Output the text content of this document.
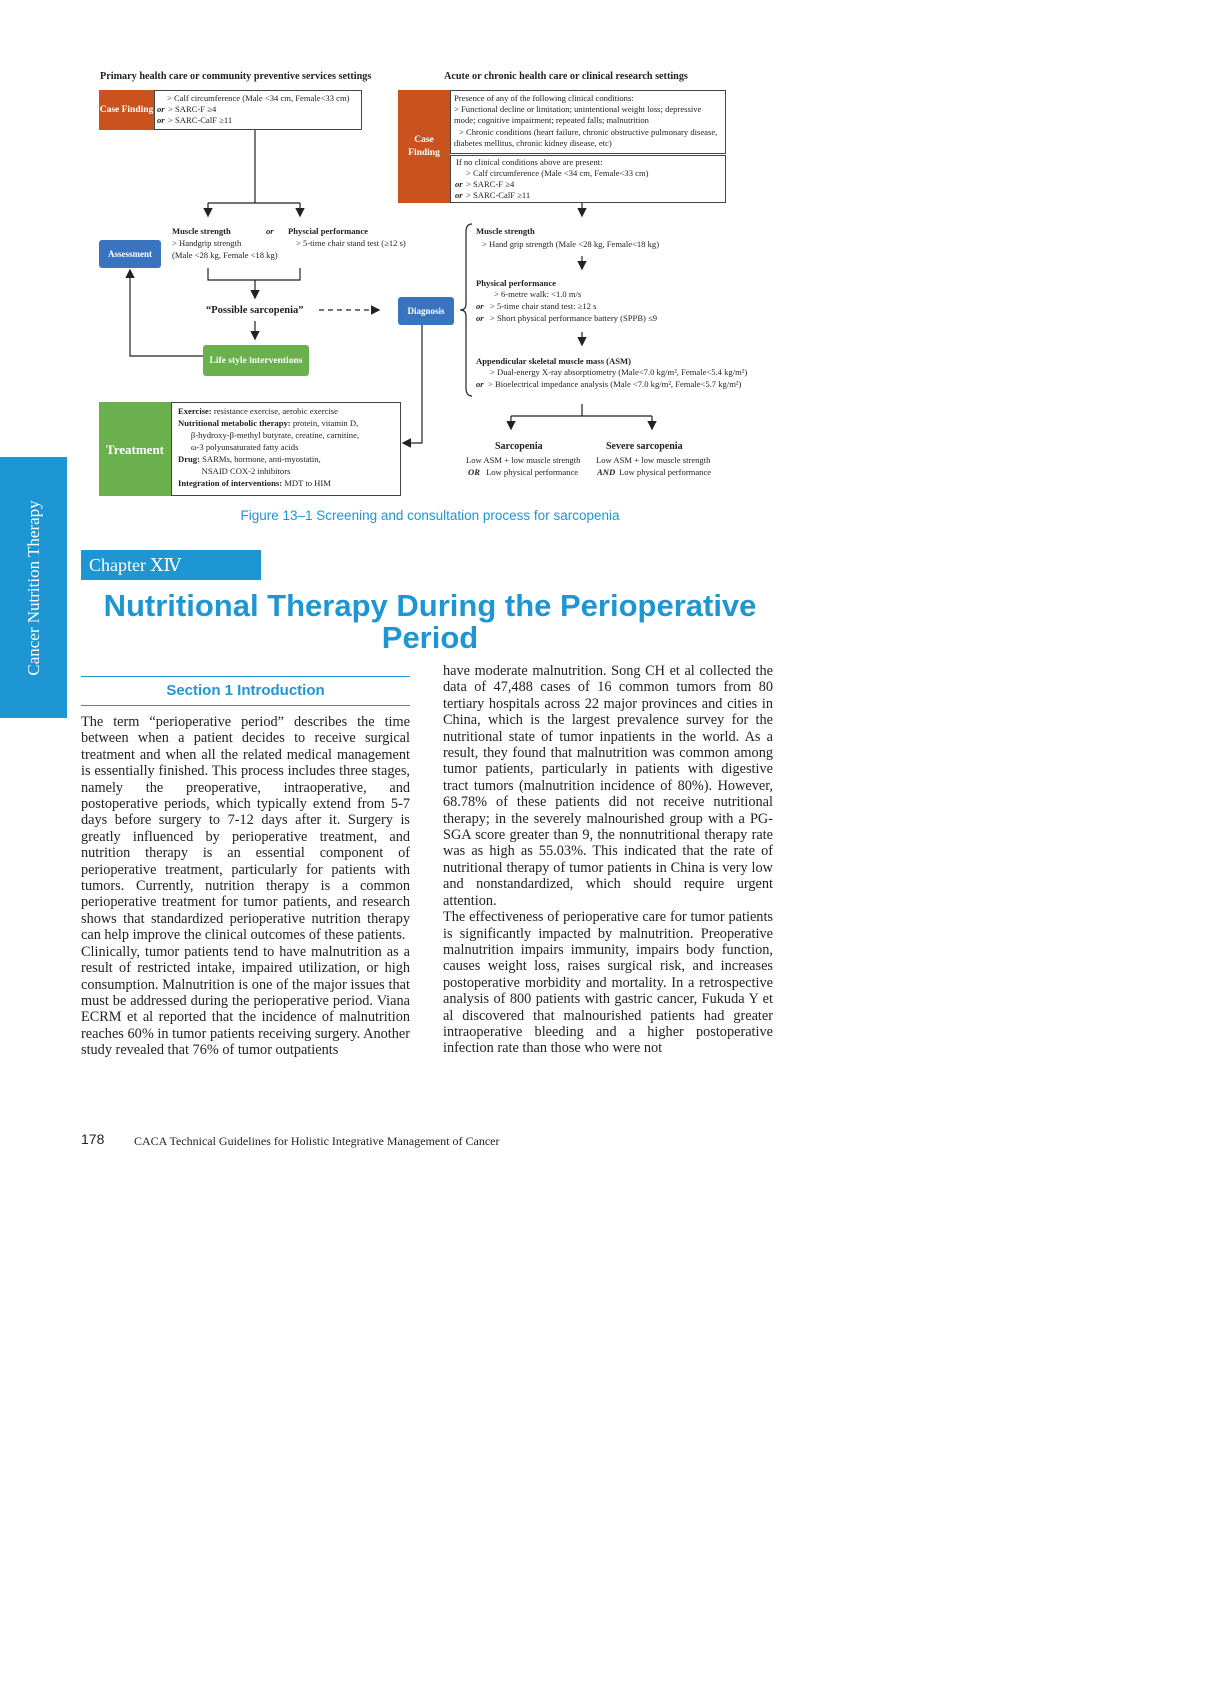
Primary health care or community preventive services settings	Acute or chronic health care or clinical research settings
Case Finding
> Calf circumference (Male <34 cm, Female<33 cm)
or > SARC-F ≥4
or > SARC-CalF ≥11
Case Finding
Presence of any of the following clinical conditions:
> Functional decline or limitation; unintentional weight loss; depressive
mode; cognitive impairment; repeated falls; malnutrition
> Chronic conditions (heart failure, chronic obstructive pulmonary disease,
diabetes mellitus, chronic kidney disease, etc)
If no clinical conditions above are present:
> Calf circumference (Male <34 cm, Female<33 cm)
or > SARC-F ≥4
or > SARC-CalF ≥11
Assessment
Muscle strength	or Physcial performance
> Handgrip strength
(Male <28 kg, Female <18 kg)
> 5-time chair stand test (≥12 s)
“Possible sarcopenia”
Life style interventions
Diagnosis
Muscle strength
> Hand grip strength (Male <28 kg, Female<18 kg)
Physical performance
> 6-metre walk: <1.0 m/s
or > 5-time chair stand test: ≥12 s
or > Short physical performance battery (SPPB) ≤9
Appendicular skeletal muscle mass (ASM)
> Dual-energy X-ray absorptiometry (Male<7.0 kg/m², Female<5.4 kg/m²)
or > Bioelectrical impedance analysis (Male <7.0 kg/m², Female<5.7 kg/m²)
Sarcopenia
Low ASM + low muscle strength
OR Low physical performance
Severe sarcopenia
Low ASM + low muscle strength
AND Low physical performance
Treatment
Exercise: resistance exercise, aerobic exercise
Nutritional metabolic therapy: protein, vitamin D,
β-hydroxy-β-methyl butyrate, creatine, carnitine,
ω-3 polyunsaturated fatty acids
Drug: SARMs, hormone, anti-myostatin,
NSAID COX-2 inhibitors
Integration of interventions: MDT to HIM
Figure 13–1 Screening and consultation process for sarcopenia
Cancer Nutrition Therapy	Chapter ⅩⅣ
Nutritional Therapy During the Perioperative
Period
Section 1 Introduction

The term “perioperative period” describes the time between when a patient decides to receive surgical treatment and when all the related medical management is essentially finished. This process includes three stages, namely the preoperative, intraoperative, and postoperative periods, which typically extend from 5-7 days before surgery to 7-12 days after it. Surgery is greatly influenced by perioperative treatment, and nutrition therapy is an essential component of perioperative treatment, particularly for patients with tumors. Currently, nutrition therapy is a common perioperative treatment for tumor patients, and research shows that standardized perioperative nutrition therapy can help improve the clinical outcomes of these patients.

Clinically, tumor patients tend to have malnutrition as a result of restricted intake, impaired utilization, or high consumption. Malnutrition is one of the major issues that must be addressed during the perioperative period. Viana ECRM et al reported that the incidence of malnutrition reaches 60% in tumor patients receiving surgery. Another study revealed that 76% of tumor outpatients

have moderate malnutrition. Song CH et al collected the data of 47,488 cases of 16 common tumors from 80 tertiary hospitals across 22 major provinces and cities in China, which is the largest prevalence survey for the nutritional state of tumor inpatients in the world. As a result, they found that malnutrition was common among tumor patients, particularly in patients with digestive tract tumors (malnutrition incidence of 80%). However, 68.78% of these patients did not receive nutritional therapy; in the severely malnourished group with a PG-SGA score greater than 9, the nonnutritional therapy rate was as high as 55.03%. This indicated that the rate of nutritional therapy of tumor patients in China is very low and nonstandardized, which should require urgent attention.

The effectiveness of perioperative care for tumor patients is significantly impacted by malnutrition. Preoperative malnutrition impairs immunity, impairs body function, causes weight loss, raises surgical risk, and increases postoperative morbidity and mortality. In a retrospective analysis of 800 patients with gastric cancer, Fukuda Y et al discovered that malnourished patients had greater intraoperative bleeding and a higher postoperative infection rate than those who were not

178 CACA Technical Guidelines for Holistic Integrative Management of Cancer
